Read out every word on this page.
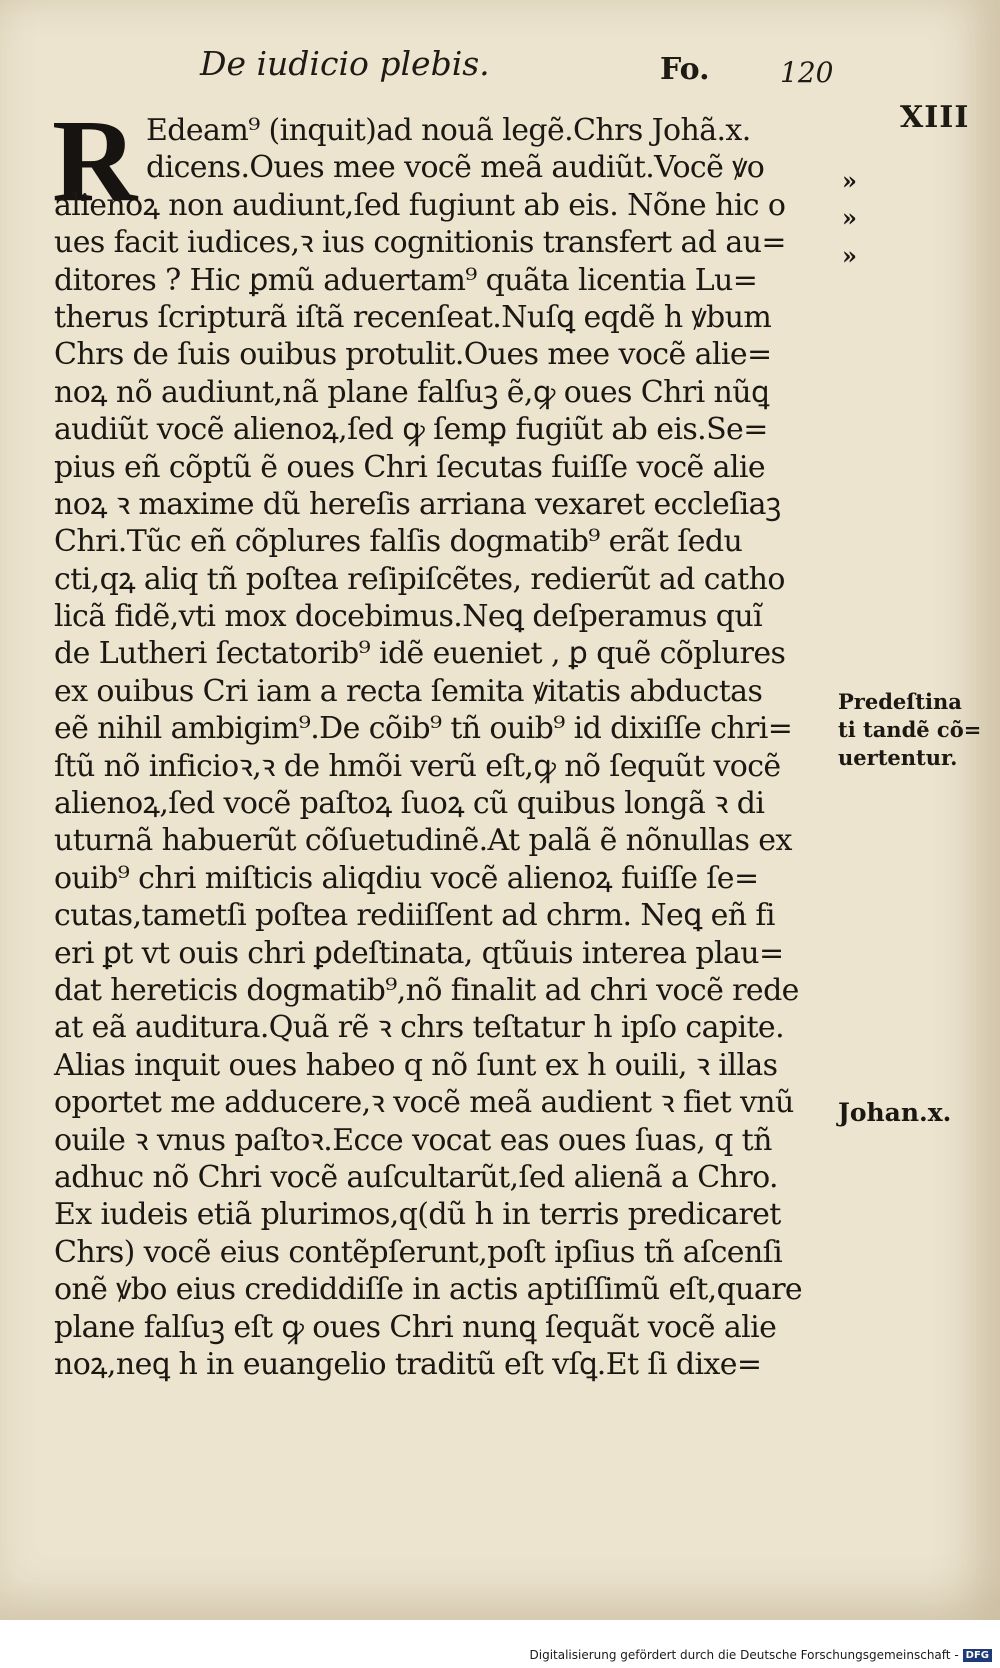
De iudicio plebis.	Fo.	120
XIII
R Edeam⁹ (inquit)ad nouã legẽ.Chrs Johã.x.
dicens.Oues mee vocẽ meã audiũt.Vocẽ ꝟo
alienoꝝ non audiunt,ſed fugiunt ab eis. Nõne hic o
ues facit iudices,ꝛ ius cognitionis transfert ad au=
ditores ? Hic ꝑmũ aduertam⁹ quãta licentia Lu=
therus ſcripturã iſtã recenſeat.Nuſꝗ eqdẽ h ꝟbum
Chrs de ſuis ouibus protulit.Oues mee vocẽ alie=
noꝝ nõ audiunt,nã plane falſuꝫ ẽ,ꝙ oues Chri nũꝗ
audiũt vocẽ alienoꝝ,ſed ꝙ ſemꝑ fugiũt ab eis.Se=
pius eñ cõptũ ẽ oues Chri ſecutas fuiſſe vocẽ alie
noꝝ ꝛ maxime dũ hereſis arriana vexaret eccleſiaꝫ
Chri.Tũc eñ cõplures falſis dogmatib⁹ erãt ſedu
cti,qꝝ aliq tñ poſtea reſipiſcẽtes, redierũt ad catho
licã fidẽ,vti mox docebimus.Neꝗ deſperamus quĩ
de Lutheri ſectatorib⁹ idẽ eueniet , ꝑ quẽ cõplures
ex ouibus Cri iam a recta ſemita ꝟitatis abductas
eẽ nihil ambigim⁹.De cõib⁹ tñ ouib⁹ id dixiſſe chri=
ſtũ nõ inficioꝛ,ꝛ de hmõi verũ eſt,ꝙ nõ ſequũt vocẽ
alienoꝝ,ſed vocẽ paſtoꝝ ſuoꝝ cũ quibus longã ꝛ di
uturnã habuerũt cõſuetudinẽ.At palã ẽ nõnullas ex
ouib⁹ chri miſticis aliqdiu vocẽ alienoꝝ fuiſſe ſe=
cutas,tametſi poſtea rediiſſent ad chrm. Neꝗ eñ fi
eri ꝑt vt ouis chri ꝑdeſtinata, qtũuis interea plau=
dat hereticis dogmatib⁹,nõ finalit ad chri vocẽ rede
at eã auditura.Quã rẽ ꝛ chrs teſtatur h ipſo capite.
Alias inquit oues habeo q nõ ſunt ex h ouili, ꝛ illas
oportet me adducere,ꝛ vocẽ meã audient ꝛ fiet vnũ
ouile ꝛ vnus paſtoꝛ.Ecce vocat eas oues ſuas, q tñ
adhuc nõ Chri vocẽ auſcultarũt,ſed alienã a Chro.
Ex iudeis etiã plurimos,q(dũ h in terris predicaret
Chrs) vocẽ eius contẽpſerunt,poſt ipſius tñ aſcenſi
onẽ ꝟbo eius crediddiſſe in actis aptiſſimũ eſt,quare
plane falſuꝫ eſt ꝙ oues Chri nunꝗ ſequãt vocẽ alie
noꝝ,neꝗ h in euangelio traditũ eſt vſꝗ.Et ſi dixe=
»
»
»
Predeſtina
ti tandẽ cõ=
uertentur.
Johan.x.
Digitalisierung gefördert durch die Deutsche Forschungsgemeinschaft - DFG
